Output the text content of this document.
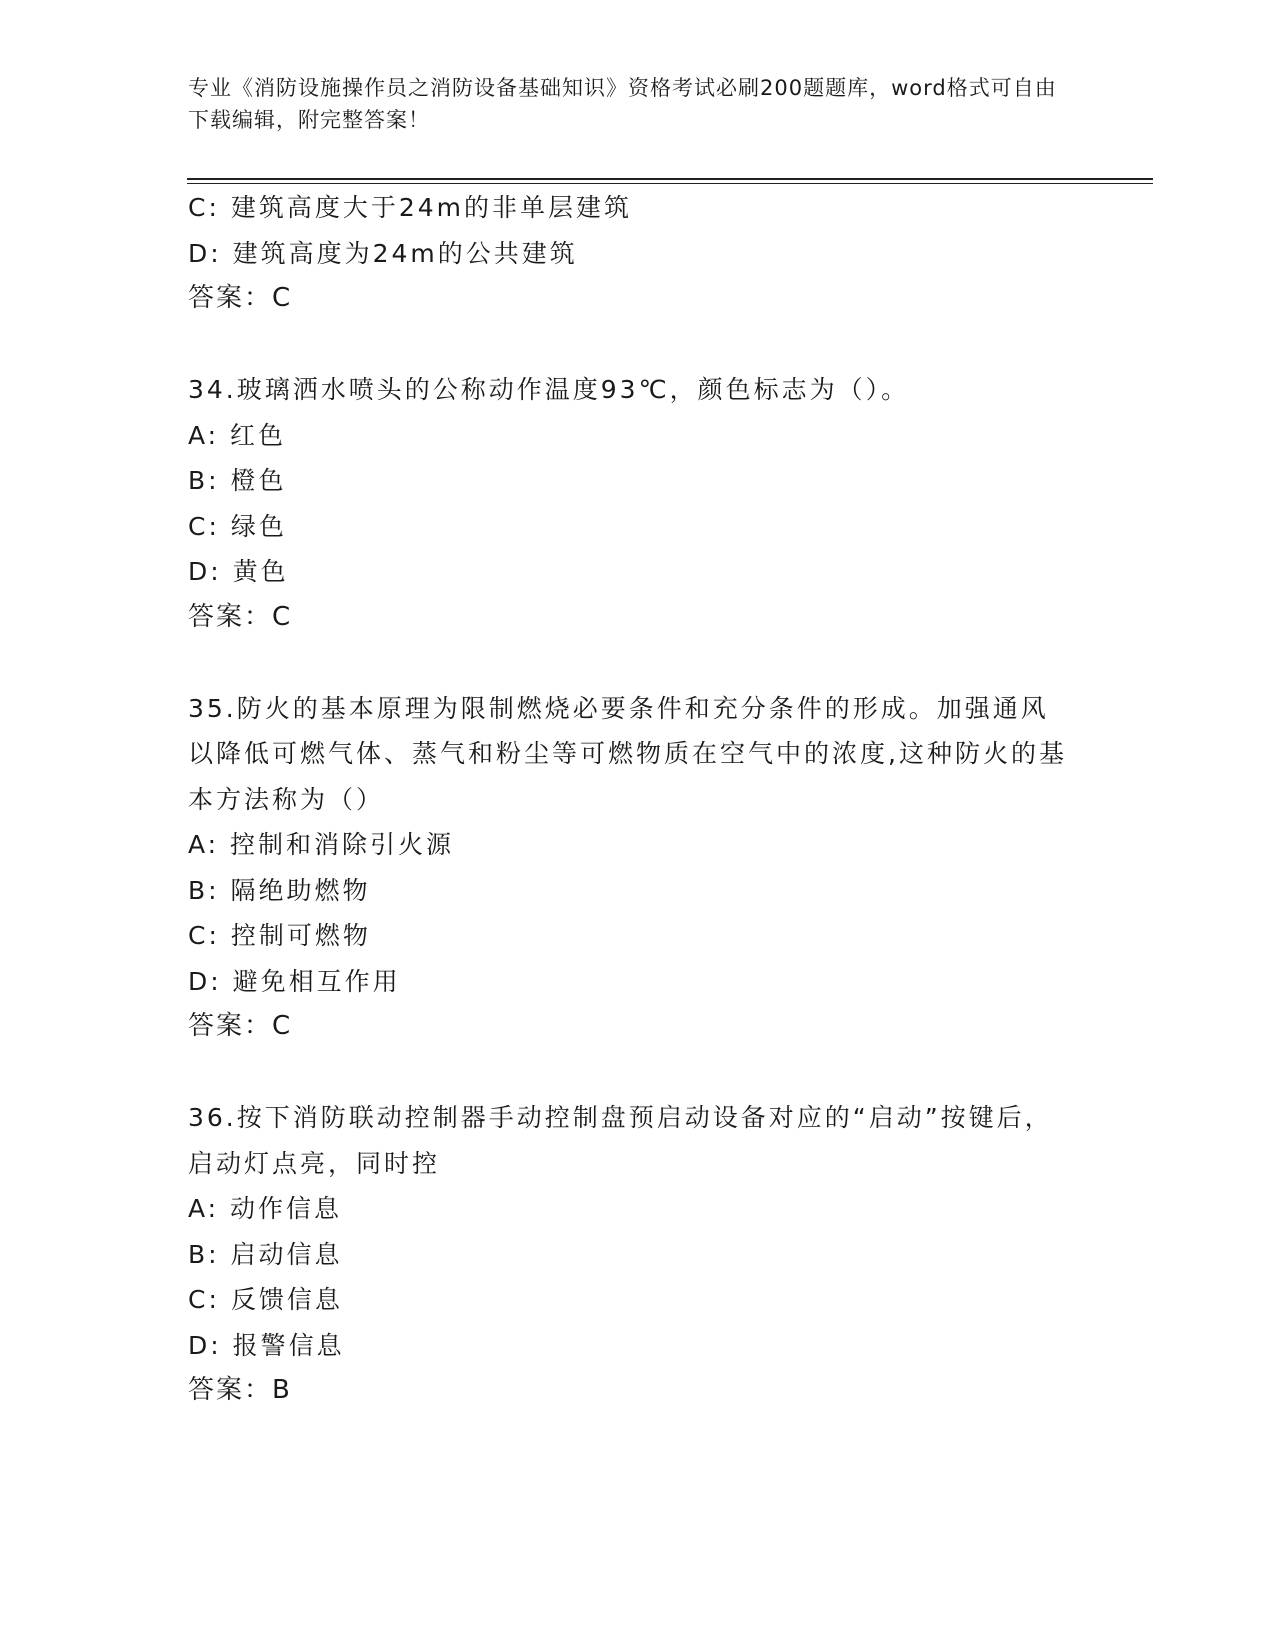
专业《消防设施操作员之消防设备基础知识》资格考试必刷200题题库，word格式可自由下载编辑，附完整答案！
C: 建筑高度大于24m的非单层建筑
D: 建筑高度为24m的公共建筑
答案：C
34.玻璃洒水喷头的公称动作温度93℃，颜色标志为（）。
A: 红色
B: 橙色
C: 绿色
D: 黄色
答案：C
35.防火的基本原理为限制燃烧必要条件和充分条件的形成。加强通风以降低可燃气体、蒸气和粉尘等可燃物质在空气中的浓度,这种防火的基本方法称为（）
A: 控制和消除引火源
B: 隔绝助燃物
C: 控制可燃物
D: 避免相互作用
答案：C
36.按下消防联动控制器手动控制盘预启动设备对应的“启动”按键后，启动灯点亮，同时控
A: 动作信息
B: 启动信息
C: 反馈信息
D: 报警信息
答案：B
